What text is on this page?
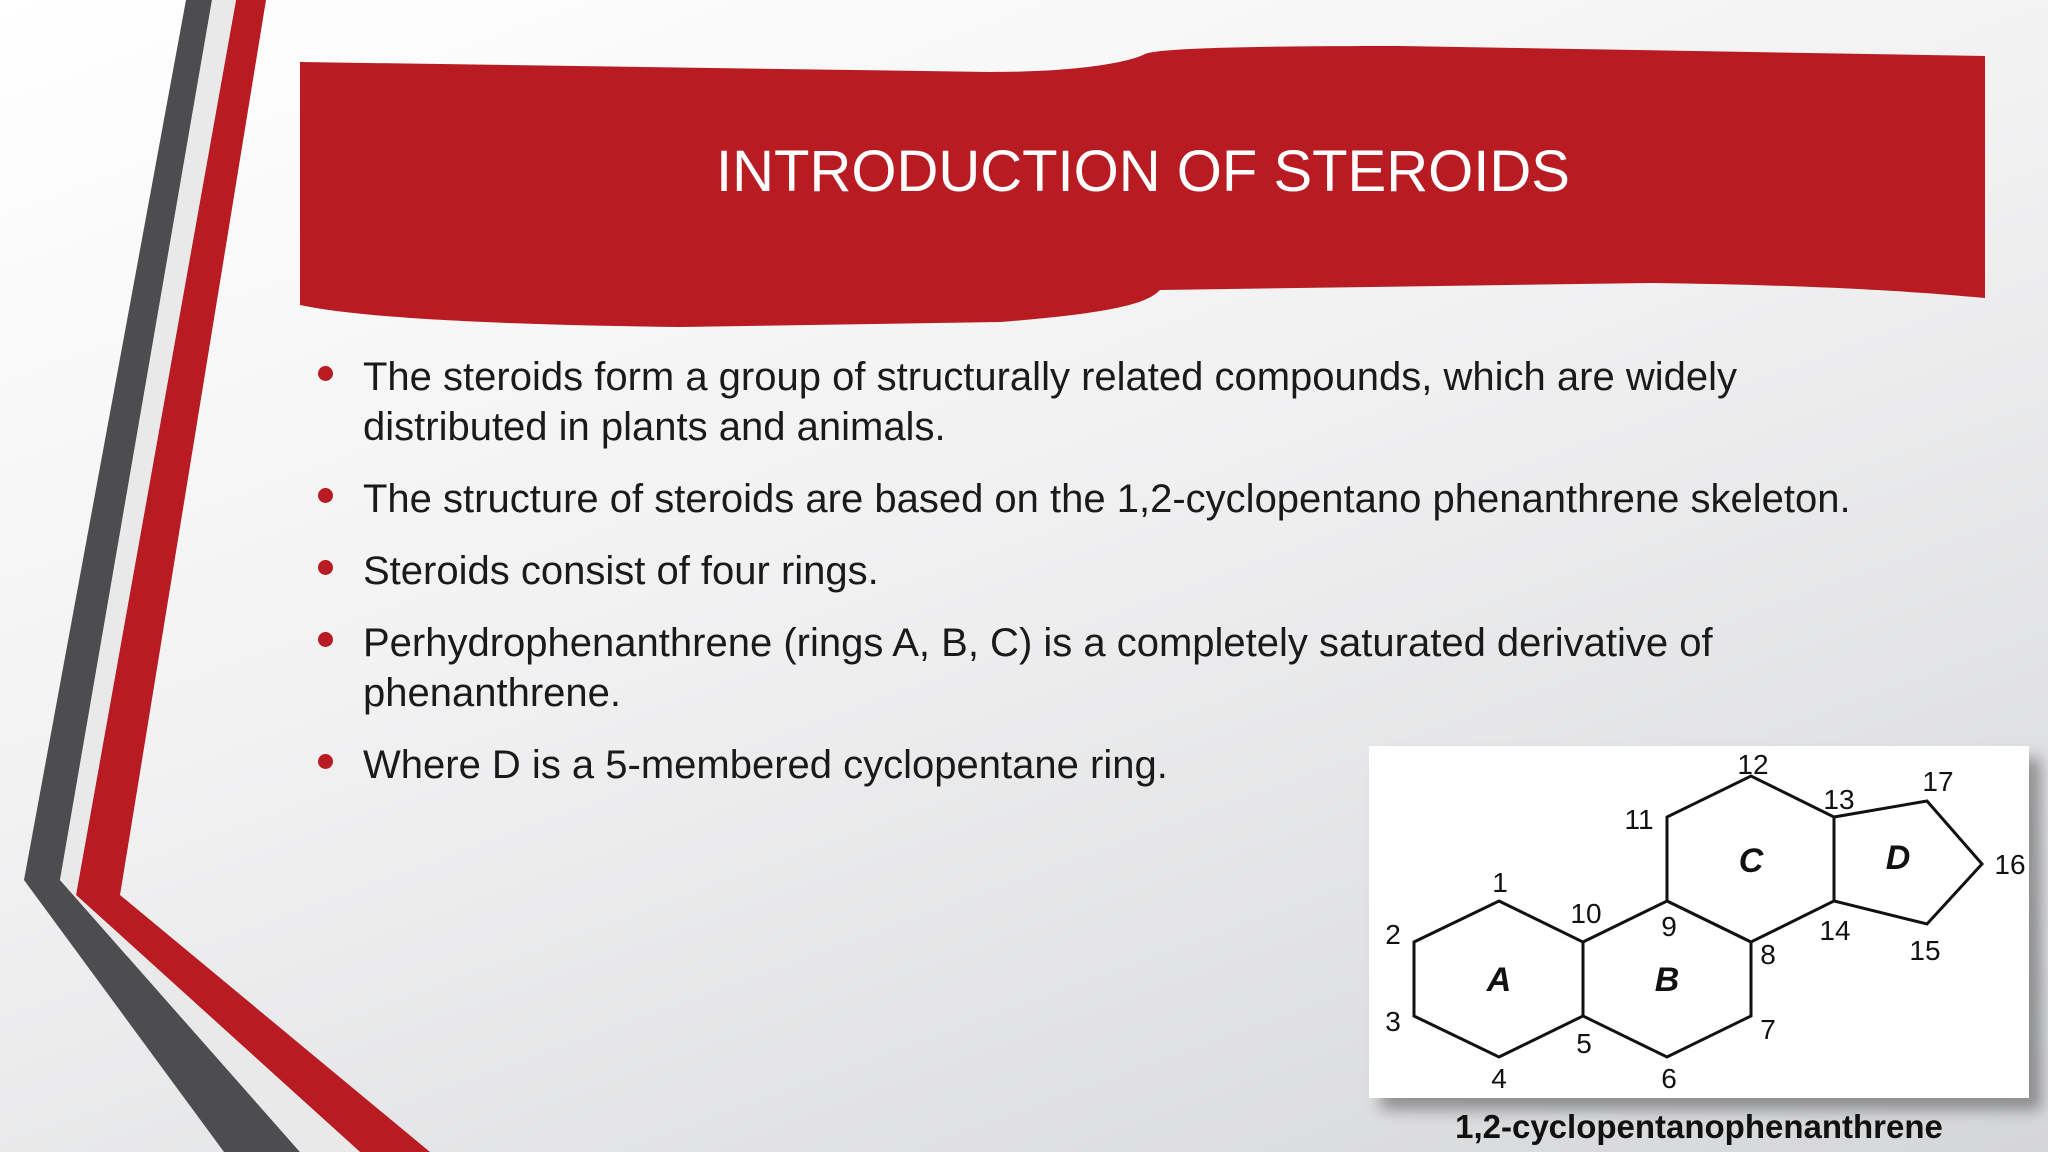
INTRODUCTION OF STEROIDS
The steroids form a group of structurally related compounds, which are widely distributed in plants and animals.
The structure of steroids are based on the 1,2-cyclopentano phenanthrene skeleton.
Steroids consist of four rings.
Perhydrophenanthrene (rings A, B, C) is a completely saturated derivative of phenanthrene.
Where D is a 5-membered cyclopentane ring.
A	B
C	D
1
2
3
4
5
6
7
8
9
10
11
12
13
14
15
16
17
1,2-cyclopentanophenanthrene
